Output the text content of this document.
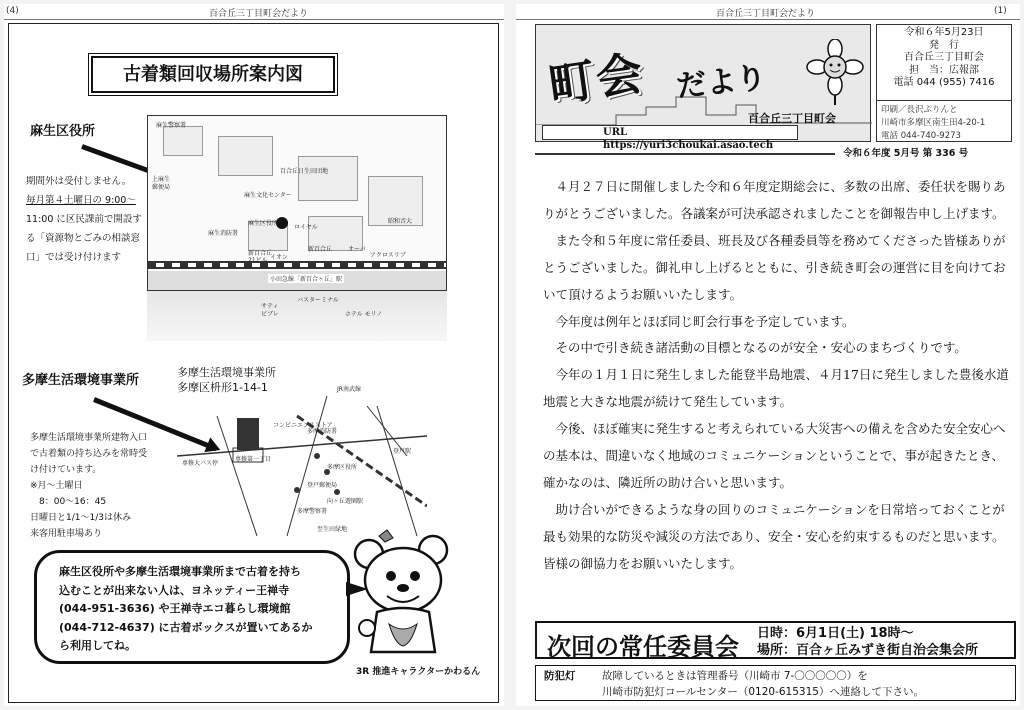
(4)	百合丘三丁目町会だより
古着類回収場所案内図
麻生区役所
期間外は受付しません。
毎月第４土曜日の 9:00～
11:00 に区民課前で開設す
る「資源物とごみの相談窓
口」では受け付けます
麻生警察署
百合丘日生田団地
麻生文化センター
麻生区役所
ロイヤル
新百合丘
イオン
新百合丘	オーパ
アクロスリブ
小田急線「新百合ヶ丘」駅
上麻生
郵便局
麻生消防署
昭和音大
サティ
ビブレ
バスターミナル
ホテル モリノ
多摩生活環境事業所
多摩生活環境事業所建物入口
で古着類の持ち込みを常時受
け付けています。
※月～土曜日
　8：00～16：45
日曜日と1/1～1/3は休み
来客用駐車場あり
多摩生活環境事業所
多摩区枡形1-14-1	JR南武線
コンビニエンスストア
多摩消防署
多摩区役所
登戸郵便局
登戸駅
向ヶ丘遊園駅
多摩警察署
専修第一丁目
専修大バス停
至生田緑地
麻生区役所や多摩生活環境事業所まで古着を持ち
込むことが出来ない人は、ヨネッティー王禅寺
(044-951-3636) や王禅寺エコ暮らし環境館
(044-712-4637) に古着ボックスが置いてあるか
ら利用してね。
3R 推進キャラクターかわるん
百合丘三丁目町会だより	(1)
町会 だより
百合丘三丁目町会
URL    https://yuri3choukai.asao.tech
令和６年5月23日
発　行
百合丘三丁目町会
担　当：広報部
電話 044 (955) 7416
印刷／長沢ぷりんと
川崎市多摩区南生田4-20-1
電話 044-740-9273
令和６年度 5月号 第 336 号

４月２７日に開催しました令和６年度定期総会に、多数の出席、委任状を賜りありがとうございました。各議案が可決承認されましたことを御報告申し上げます。

また令和５年度に常任委員、班長及び各種委員等を務めてくださった皆様ありがとうございました。御礼申し上げるとともに、引き続き町会の運営に目を向けておいて頂けるようお願いいたします。

今年度は例年とほぼ同じ町会行事を予定しています。

その中で引き続き諸活動の目標となるのが安全・安心のまちづくりです。

今年の１月１日に発生しました能登半島地震、４月17日に発生しました豊後水道地震と大きな地震が続けて発生しています。

今後、ほぼ確実に発生すると考えられている大災害への備えを含めた安全安心への基本は、間違いなく地域のコミュニケーションということで、事が起きたとき、確かなのは、隣近所の助け合いと思います。

助け合いができるような身の回りのコミュニケーションを日常培っておくことが最も効果的な防災や減災の方法であり、安全・安心を約束するものだと思います。　皆様の御協力をお願いいたします。

次回の常任委員会 日時：6月1日(土) 18時～
場所：百合ヶ丘みずき街自治会集会所
防犯灯	故障しているときは管理番号（川崎市 7-〇〇〇〇〇）を
川崎市防犯灯コールセンター（0120-615315）へ連絡して下さい。
